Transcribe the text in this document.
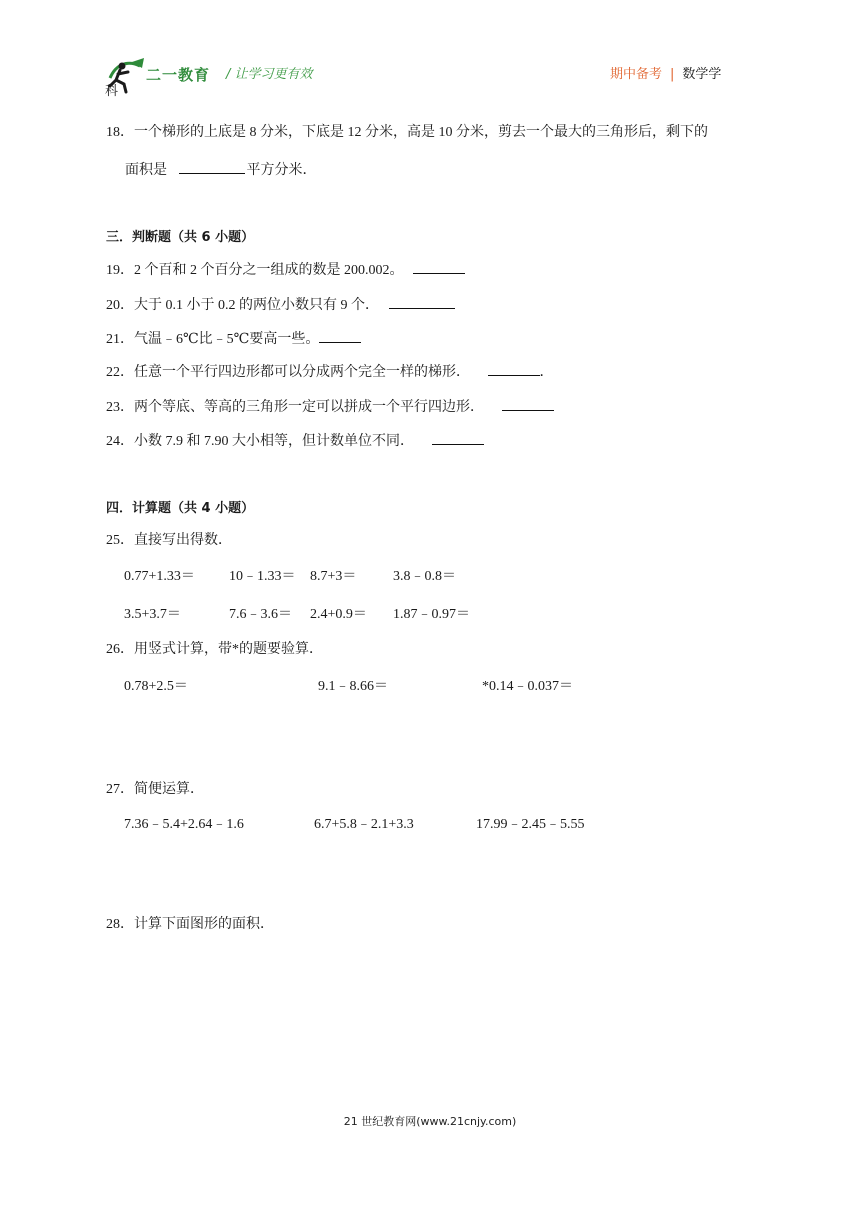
二一教育 / 让学习更有效
科
期中备考 | 数学学
18．一个梯形的上底是 8 分米，下底是 12 分米，高是 10 分米，剪去一个最大的三角形后，剩下的
面积是	平方分米．
三．判断题（共 6 小题）
19．2 个百和 2 个百分之一组成的数是 200.002。
20．大于 0.1 小于 0.2 的两位小数只有 9 个．
21．气温﹣6℃比﹣5℃要高一些。
22．任意一个平行四边形都可以分成两个完全一样的梯形．	．
23．两个等底、等高的三角形一定可以拼成一个平行四边形．
24．小数 7.9 和 7.90 大小相等，但计数单位不同．
四．计算题（共 4 小题）
25．直接写出得数．
0.77+1.33＝ 10﹣1.33＝ 8.7+3＝	3.8﹣0.8＝
3.5+3.7＝	7.6﹣3.6＝ 2.4+0.9＝ 1.87﹣0.97＝
26．用竖式计算，带*的题要验算．
0.78+2.5＝	9.1﹣8.66＝	*0.14﹣0.037＝
27．简便运算．
7.36﹣5.4+2.64﹣1.6	6.7+5.8﹣2.1+3.3	17.99﹣2.45﹣5.55
28．计算下面图形的面积．
21 世纪教育网(www.21cnjy.com)
